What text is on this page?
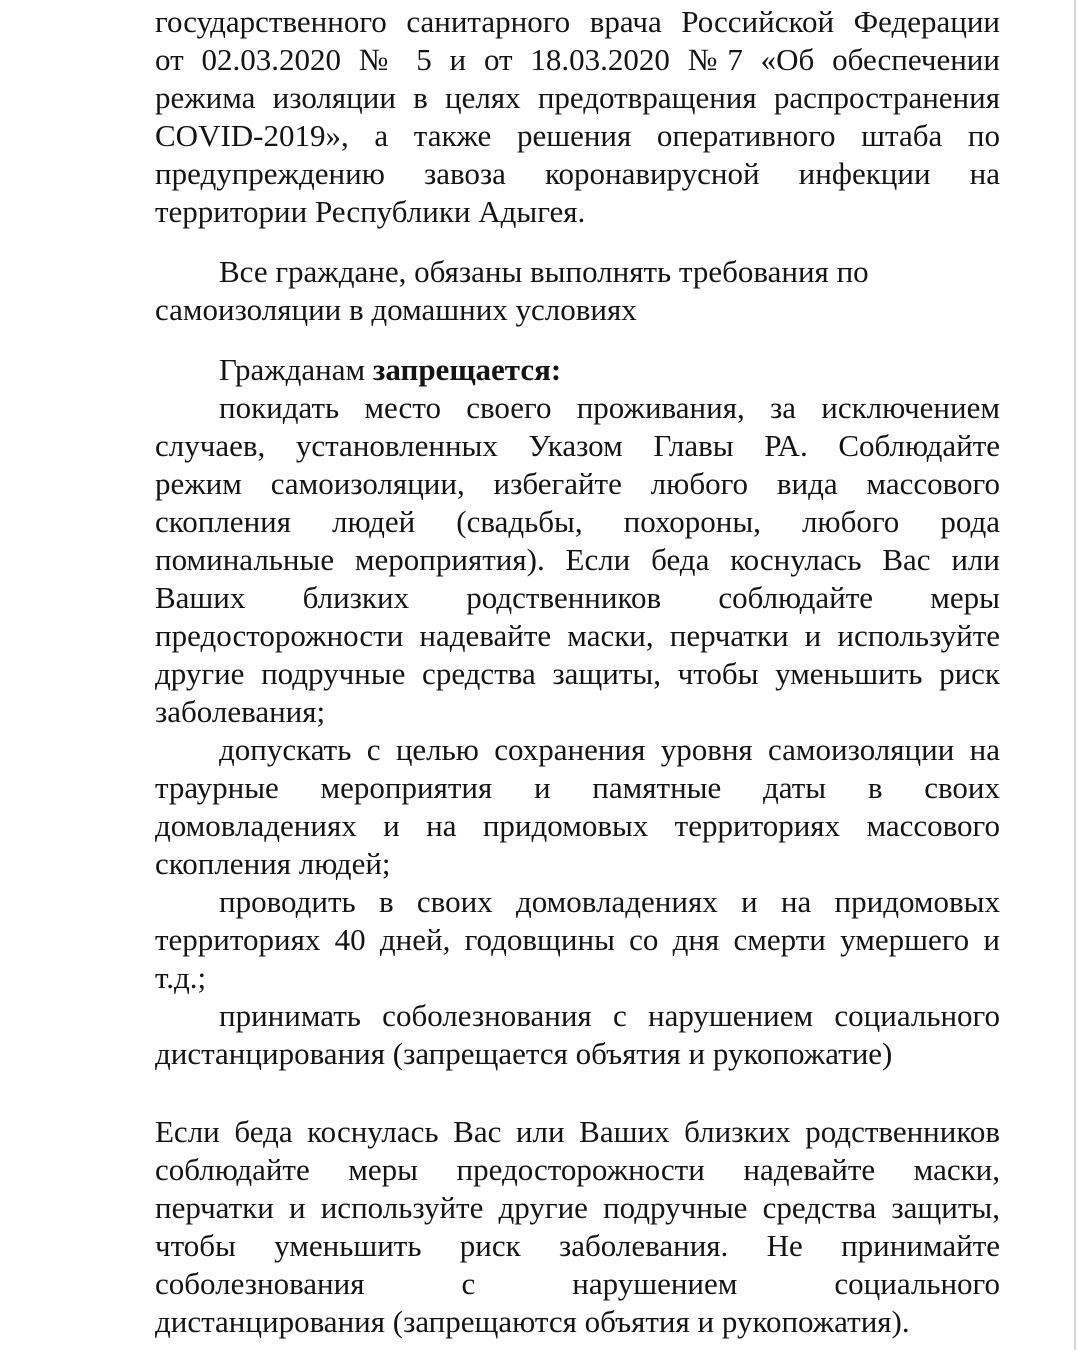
государственного санитарного врача Российской Федерации
от 02.03.2020 № 5 и от 18.03.2020 №7 «Об обеспечении
режима изоляции в целях предотвращения распространения
COVID-2019», а также решения оперативного штаба по
предупреждению завоза коронавирусной инфекции на
территории Республики Адыгея.
Все граждане, обязаны выполнять требования по
самоизоляции в домашних условиях
Гражданам запрещается:
покидать место своего проживания, за исключением
случаев, установленных Указом Главы РА. Соблюдайте
режим самоизоляции, избегайте любого вида массового
скопления людей (свадьбы, похороны, любого рода
поминальные мероприятия). Если беда коснулась Вас или
Ваших близких родственников соблюдайте меры
предосторожности надевайте маски, перчатки и используйте
другие подручные средства защиты, чтобы уменьшить риск
заболевания;
допускать с целью сохранения уровня самоизоляции на
траурные мероприятия и памятные даты в своих
домовладениях и на придомовых территориях массового
скопления людей;
проводить в своих домовладениях и на придомовых
территориях 40 дней, годовщины со дня смерти умершего и
т.д.;
принимать соболезнования с нарушением социального
дистанцирования (запрещается объятия и рукопожатие)
Если беда коснулась Вас или Ваших близких родственников
соблюдайте меры предосторожности надевайте маски,
перчатки и используйте другие подручные средства защиты,
чтобы уменьшить риск заболевания. Не принимайте
соболезнования с нарушением социального
дистанцирования (запрещаются объятия и рукопожатия).
